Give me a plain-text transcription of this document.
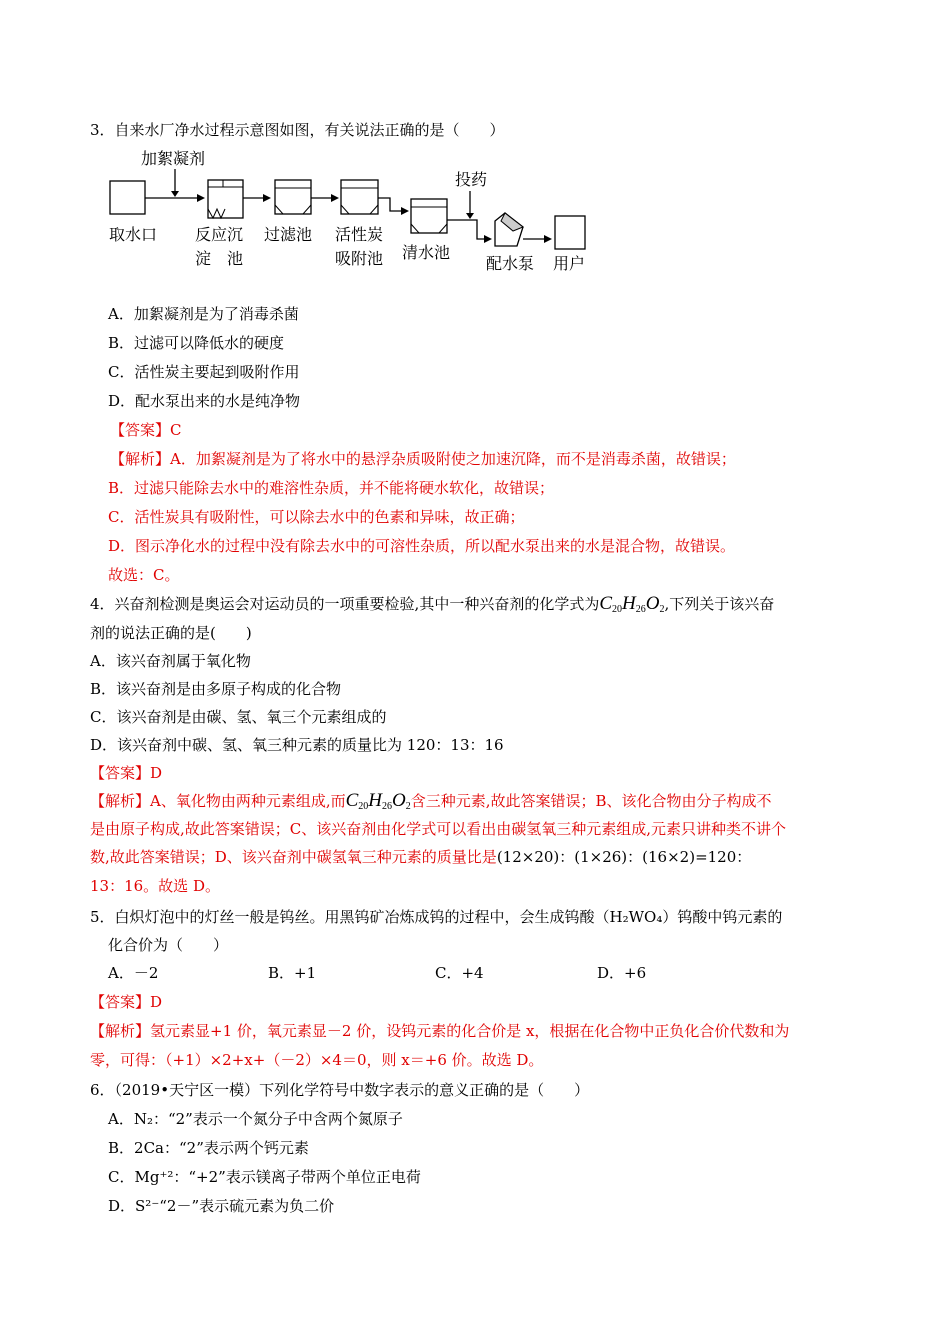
3．自来水厂净水过程示意图如图，有关说法正确的是（　　）
加絮凝剂
投药
取水口 反应沉
淀　池
过滤池 活性炭
吸附池 清水池
配水泵 用户
A．加絮凝剂是为了消毒杀菌
B．过滤可以降低水的硬度
C．活性炭主要起到吸附作用
D．配水泵出来的水是纯净物
【答案】C
【解析】A．加絮凝剂是为了将水中的悬浮杂质吸附使之加速沉降，而不是消毒杀菌，故错误；
B．过滤只能除去水中的难溶性杂质，并不能将硬水软化，故错误；
C．活性炭具有吸附性，可以除去水中的色素和异味，故正确；
D．图示净化水的过程中没有除去水中的可溶性杂质，所以配水泵出来的水是混合物，故错误。
故选：C。
4．兴奋剂检测是奥运会对运动员的一项重要检验,其中一种兴奋剂的化学式为$C_{20}H_{26}O_2$,下列关于该兴奋
剂的说法正确的是(　　)
A．该兴奋剂属于氧化物
B．该兴奋剂是由多原子构成的化合物
C．该兴奋剂是由碳、氢、氧三个元素组成的
D．该兴奋剂中碳、氢、氧三种元素的质量比为 120：13：16
【答案】D
【解析】A、氧化物由两种元素组成,而$C_{20}H_{26}O_2$含三种元素,故此答案错误；B、该化合物由分子构成不
是由原子构成,故此答案错误；C、该兴奋剂由化学式可以看出由碳氢氧三种元素组成,元素只讲种类不讲个
数,故此答案错误；D、该兴奋剂中碳氢氧三种元素的质量比是(12×20)：(1×26)：(16×2)=120：
13：16。故选 D。
5．白炽灯泡中的灯丝一般是钨丝。用黑钨矿冶炼成钨的过程中，会生成钨酸（H₂WO₄）钨酸中钨元素的
化合价为（　　）
A．－2	B．+1	C．+4	D．+6
【答案】D
【解析】氢元素显+1 价，氧元素显－2 价，设钨元素的化合价是 x，根据在化合物中正负化合价代数和为
零，可得：（+1）×2+x+（－2）×4＝0，则 x＝+6 价。故选 D。
6．（2019•天宁区一模）下列化学符号中数字表示的意义正确的是（　　）
A．N₂：“2”表示一个氮分子中含两个氮原子
B．2Ca：“2”表示两个钙元素
C．Mg⁺²：“+2”表示镁离子带两个单位正电荷
D．S²⁻“2－”表示硫元素为负二价
